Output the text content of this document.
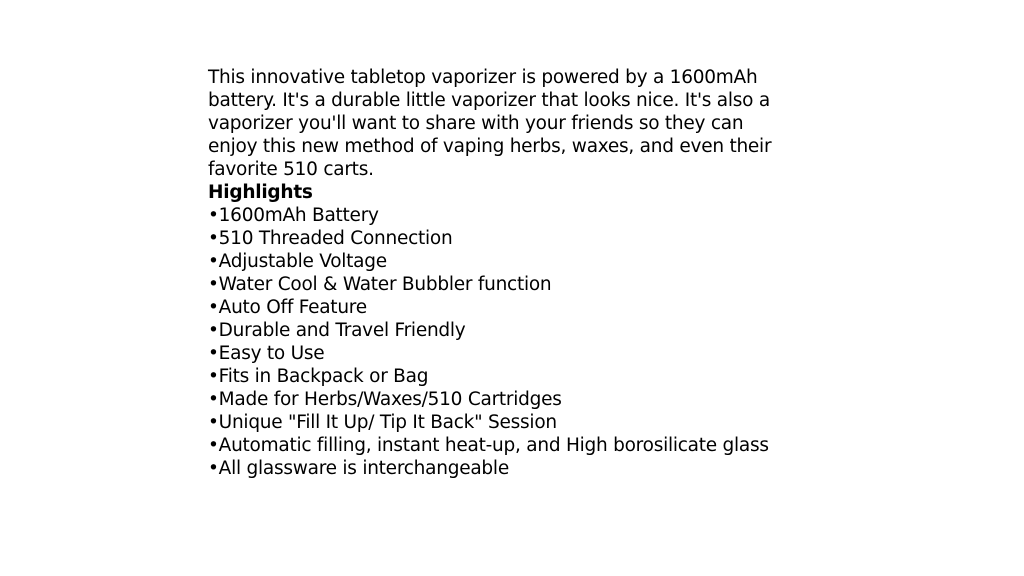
This innovative tabletop vaporizer is powered by a 1600mAh
battery. It's a durable little vaporizer that looks nice. It's also a
vaporizer you'll want to share with your friends so they can
enjoy this new method of vaping herbs, waxes, and even their
favorite 510 carts.

Highlights

•1600mAh Battery
•510 Threaded Connection
•Adjustable Voltage
•Water Cool & Water Bubbler function
•Auto Off Feature
•Durable and Travel Friendly
•Easy to Use
•Fits in Backpack or Bag
•Made for Herbs/Waxes/510 Cartridges
•Unique "Fill It Up/ Tip It Back" Session
•Automatic filling, instant heat-up, and High borosilicate glass
•All glassware is interchangeable
